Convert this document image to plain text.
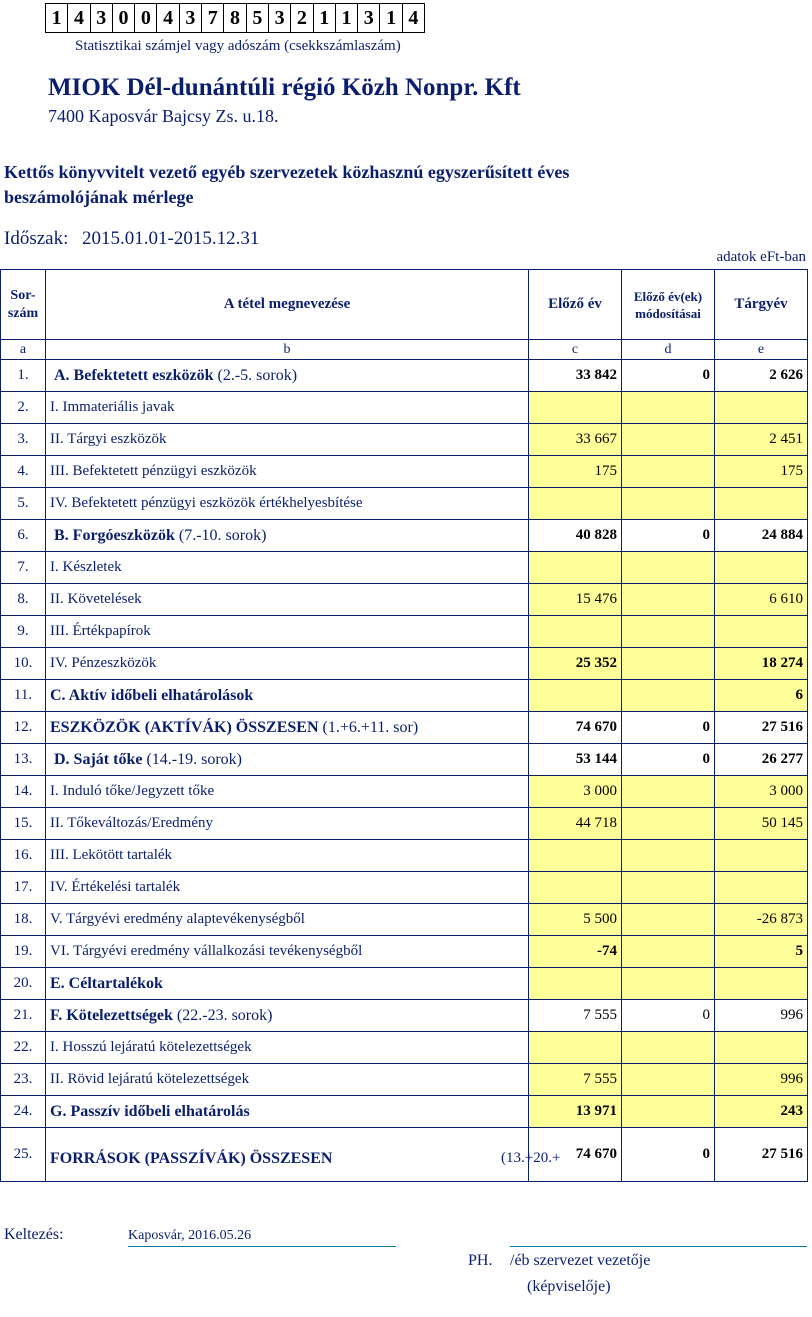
1 4 3 0 0 4 3 7 8 5 3 2 1 1 3 1 4
Statisztikai számjel vagy adószám (csekkszámlaszám)
MIOK Dél-dunántúli régió Közh Nonpr. Kft
7400 Kaposvár Bajcsy Zs. u.18.
Kettős könyvvitelt vezető egyéb szervezetek közhasznú egyszerűsített éves
beszámolójának mérlege
Időszak: 2015.01.01-2015.12.31
adatok eFt-ban
Sor-szám	A tétel megnevezése	Előző év	Előző év(ek) módosításai	Tárgyév
a	b	c	d	e
1.	A. Befektetett eszközök (2.-5. sorok)	33 842	0	2 626
2.	I. Immateriális javak			
3.	II. Tárgyi eszközök	33 667		2 451
4.	III. Befektetett pénzügyi eszközök	175		175
5.	IV. Befektetett pénzügyi eszközök értékhelyesbítése			
6.	B. Forgóeszközök (7.-10. sorok)	40 828	0	24 884
7.	I. Készletek			
8.	II. Követelések	15 476		6 610
9.	III. Értékpapírok			
10.	IV. Pénzeszközök	25 352		18 274
11.	C. Aktív időbeli elhatárolások			6
12.	ESZKÖZÖK (AKTÍVÁK) ÖSSZESEN (1.+6.+11. sor)	74 670	0	27 516
13.	D. Saját tőke (14.-19. sorok)	53 144	0	26 277
14.	I. Induló tőke/Jegyzett tőke	3 000		3 000
15.	II. Tőkeváltozás/Eredmény	44 718		50 145
16.	III. Lekötött tartalék			
17.	IV. Értékelési tartalék			
18.	V. Tárgyévi eredmény alaptevékenységből	5 500		-26 873
19.	VI. Tárgyévi eredmény vállalkozási tevékenységből	-74		5
20.	E. Céltartalékok			
21.	F. Kötelezettségek (22.-23. sorok)	7 555	0	996
22.	I. Hosszú lejáratú kötelezettségek			
23.	II. Rövid lejáratú kötelezettségek	7 555		996
24.	G. Passzív időbeli elhatárolás	13 971		243
25.	FORRÁSOK (PASSZÍVÁK) ÖSSZESEN (13.+20.+	74 670	0	27 516
Keltezés:	Kaposvár, 2016.05.26
PH. /éb szervezet vezetője
(képviselője)
